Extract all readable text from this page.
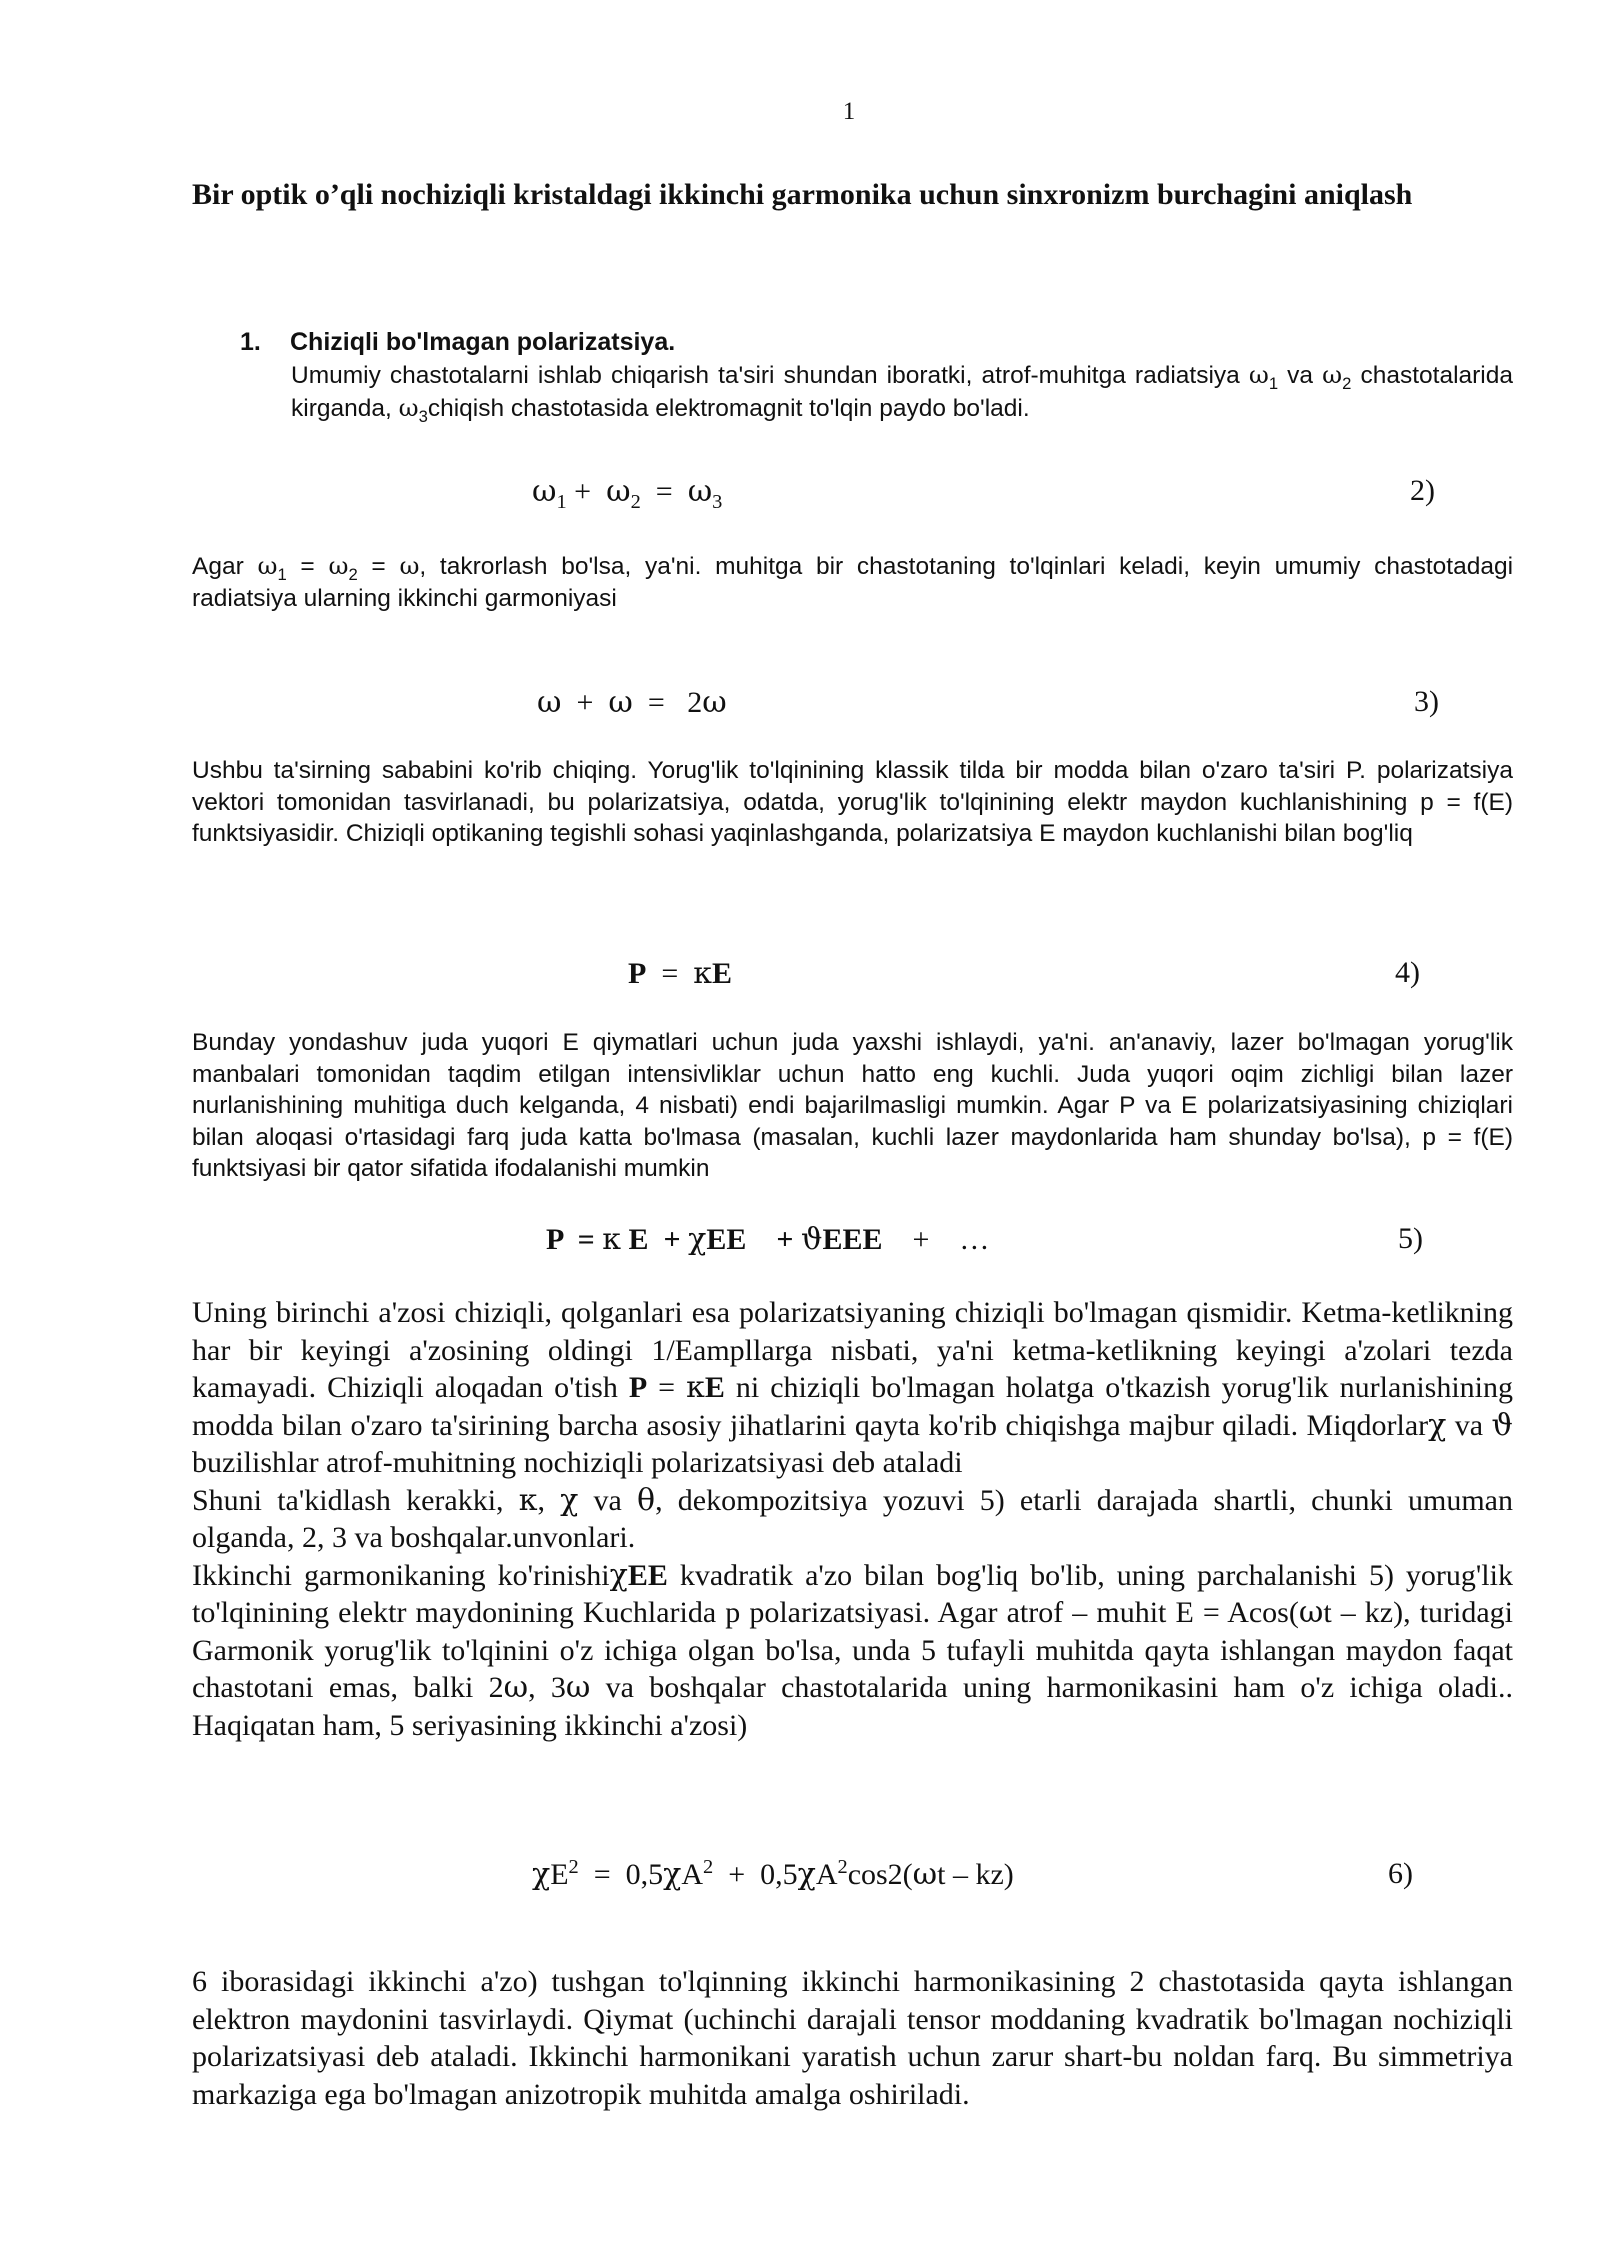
1
Bir optik o’qli nochiziqli kristaldagi ikkinchi garmonika uchun sinxronizm burchagini aniqlash
1. Chiziqli bo'lmagan polarizatsiya.
Umumiy chastotalarni ishlab chiqarish ta'siri shundan iboratki, atrof-muhitga radiatsiya $\omega_1$ va $\omega_2$ chastotalarida kirganda, $\omega_3chiqish$ chastotasida elektromagnit to'lqin paydo bo'ladi.
$\omega_1 + \omega_2 = \omega_3$	2)
Agar $\omega_1 = \omega_2 = \omega$, takrorlash bo'lsa, ya'ni. muhitga bir chastotaning to'lqinlari keladi, keyin umumiy chastotadagi radiatsiya ularning ikkinchi garmoniyasi
ω  +  ω  =   2ω	3)
Ushbu ta'sirning sababini ko'rib chiqing. Yorug'lik to'lqinining klassik tilda bir modda bilan o'zaro ta'siri P. polarizatsiya vektori tomonidan tasvirlanadi, bu polarizatsiya, odatda, yorug'lik to'lqinining elektr maydon kuchlanishining p = f(E) funktsiyasidir. Chiziqli optikaning tegishli sohasi yaqinlashganda, polarizatsiya E maydon kuchlanishi bilan bog'liq
P  =  κE	4)
Bunday yondashuv juda yuqori E qiymatlari uchun juda yaxshi ishlaydi, ya'ni. an'anaviy, lazer bo'lmagan yorug'lik manbalari tomonidan taqdim etilgan intensivliklar uchun hatto eng kuchli. Juda yuqori oqim zichligi bilan lazer nurlanishining muhitiga duch kelganda, 4 nisbati) endi bajarilmasligi mumkin. Agar P va E polarizatsiyasining chiziqlari bilan aloqasi o'rtasidagi farq juda katta bo'lmasa (masalan, kuchli lazer maydonlarida ham shunday bo'lsa), p = f(E) funktsiyasi bir qator sifatida ifodalanishi mumkin
P  = κ E  + χEE    + ϑEEE    +    …	5)
Uning birinchi a'zosi chiziqli, qolganlari esa polarizatsiyaning chiziqli bo'lmagan qismidir. Ketma-ketlikning har bir keyingi a'zosining oldingi 1/Eampllarga nisbati, ya'ni ketma-ketlikning keyingi a'zolari tezda kamayadi. Chiziqli aloqadan o'tish P = κE ni chiziqli bo'lmagan holatga o'tkazish yorug'lik nurlanishining modda bilan o'zaro ta'sirining barcha asosiy jihatlarini qayta ko'rib chiqishga majbur qiladi. Miqdorlarχ va ϑ buzilishlar atrof-muhitning nochiziqli polarizatsiyasi deb ataladi
Shuni ta'kidlash kerakki, κ, χ va θ, dekompozitsiya yozuvi 5) etarli darajada shartli, chunki umuman olganda, 2, 3 va boshqalar.unvonlari.
Ikkinchi garmonikaning ko'rinishiχEE kvadratik a'zo bilan bog'liq bo'lib, uning parchalanishi 5) yorug'lik to'lqinining elektr maydonining Kuchlarida p polarizatsiyasi. Agar atrof – muhit E = Acos(ωt – kz), turidagi Garmonik yorug'lik to'lqinini o'z ichiga olgan bo'lsa, unda 5 tufayli muhitda qayta ishlangan maydon faqat chastotani emas, balki 2ω, 3ω va boshqalar chastotalarida uning harmonikasini ham o'z ichiga oladi.. Haqiqatan ham, 5 seriyasining ikkinchi a'zosi)
$\chi E^2 = 0,5\chi A^2 + 0,5\chi A^2\cos 2(\omega t - kz)$	6)
6 iborasidagi ikkinchi a'zo) tushgan to'lqinning ikkinchi harmonikasining 2 chastotasida qayta ishlangan elektron maydonini tasvirlaydi. Qiymat (uchinchi darajali tensor moddaning kvadratik bo'lmagan nochiziqli polarizatsiyasi deb ataladi. Ikkinchi harmonikani yaratish uchun zarur shart-bu noldan farq. Bu simmetriya markaziga ega bo'lmagan anizotropik muhitda amalga oshiriladi.
